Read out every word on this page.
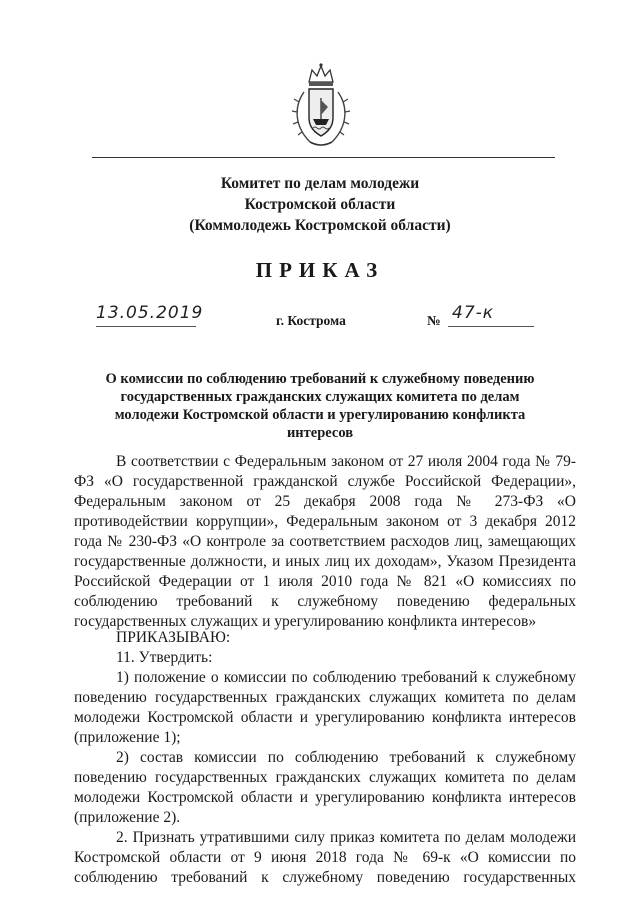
Комитет по делам молодежи
Костромской области
(Коммолодежь Костромской области)
ПРИКАЗ
13.05.2019	г. Кострома	№ 47-к
О комиссии по соблюдению требований к служебному поведению
государственных гражданских служащих комитета по делам
молодежи Костромской области и урегулированию конфликта
интересов
В соответствии с Федеральным законом от 27 июля 2004 года № 79-
ФЗ «О государственной гражданской службе Российской Федерации»,
Федеральным законом от 25 декабря 2008 года № 273-ФЗ «О
противодействии коррупции», Федеральным законом от 3 декабря 2012
года № 230-ФЗ «О контроле за соответствием расходов лиц, замещающих
государственные должности, и иных лиц их доходам», Указом Президента
Российской Федерации от 1 июля 2010 года № 821 «О комиссиях по
соблюдению требований к служебному поведению федеральных
государственных служащих и урегулированию конфликта интересов»
ПРИКАЗЫВАЮ:
11. Утвердить:
1) положение о комиссии по соблюдению требований к служебному
поведению государственных гражданских служащих комитета по делам
молодежи Костромской области и урегулированию конфликта интересов
(приложение 1);
2) состав комиссии по соблюдению требований к служебному
поведению государственных гражданских служащих комитета по делам
молодежи Костромской области и урегулированию конфликта интересов
(приложение 2).
2. Признать утратившими силу приказ комитета по делам молодежи
Костромской области от 9 июня 2018 года № 69-к «О комиссии по
соблюдению требований к служебному поведению государственных
